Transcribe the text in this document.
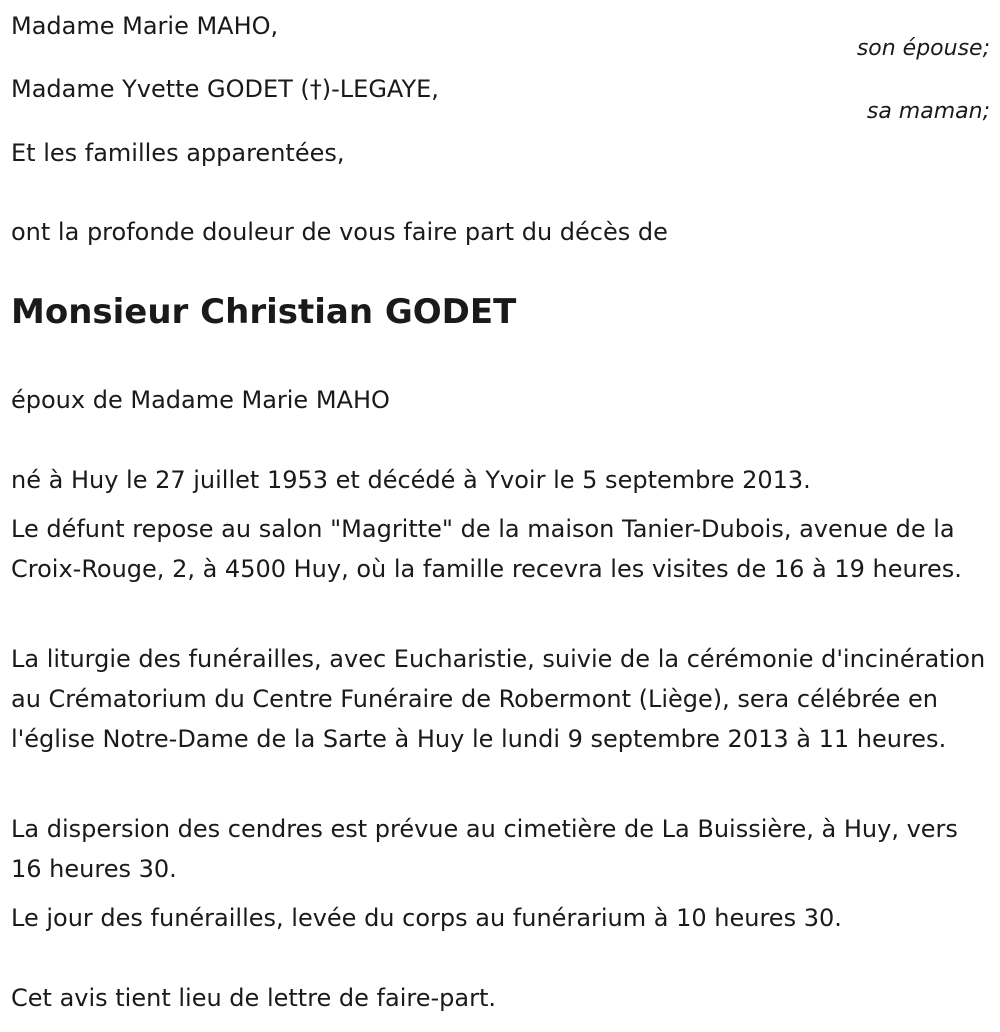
Madame Marie MAHO,
son épouse;
Madame Yvette GODET (†)-LEGAYE,
sa maman;
Et les familles apparentées,
ont la profonde douleur de vous faire part du décès de
Monsieur Christian GODET
époux de Madame Marie MAHO

né à Huy le 27 juillet 1953 et décédé à Yvoir le 5 septembre 2013.

Le défunt repose au salon "Magritte" de la maison Tanier-Dubois, avenue de la Croix-Rouge, 2, à 4500 Huy, où la famille recevra les visites de 16 à 19 heures.

La liturgie des funérailles, avec Eucharistie, suivie de la cérémonie d'incinération au Crématorium du Centre Funéraire de Robermont (Liège), sera célébrée en l'église Notre-Dame de la Sarte à Huy le lundi 9 septembre 2013 à 11 heures.

La dispersion des cendres est prévue au cimetière de La Buissière, à Huy, vers 16 heures 30.

Le jour des funérailles, levée du corps au funérarium à 10 heures 30.

Cet avis tient lieu de lettre de faire-part.
